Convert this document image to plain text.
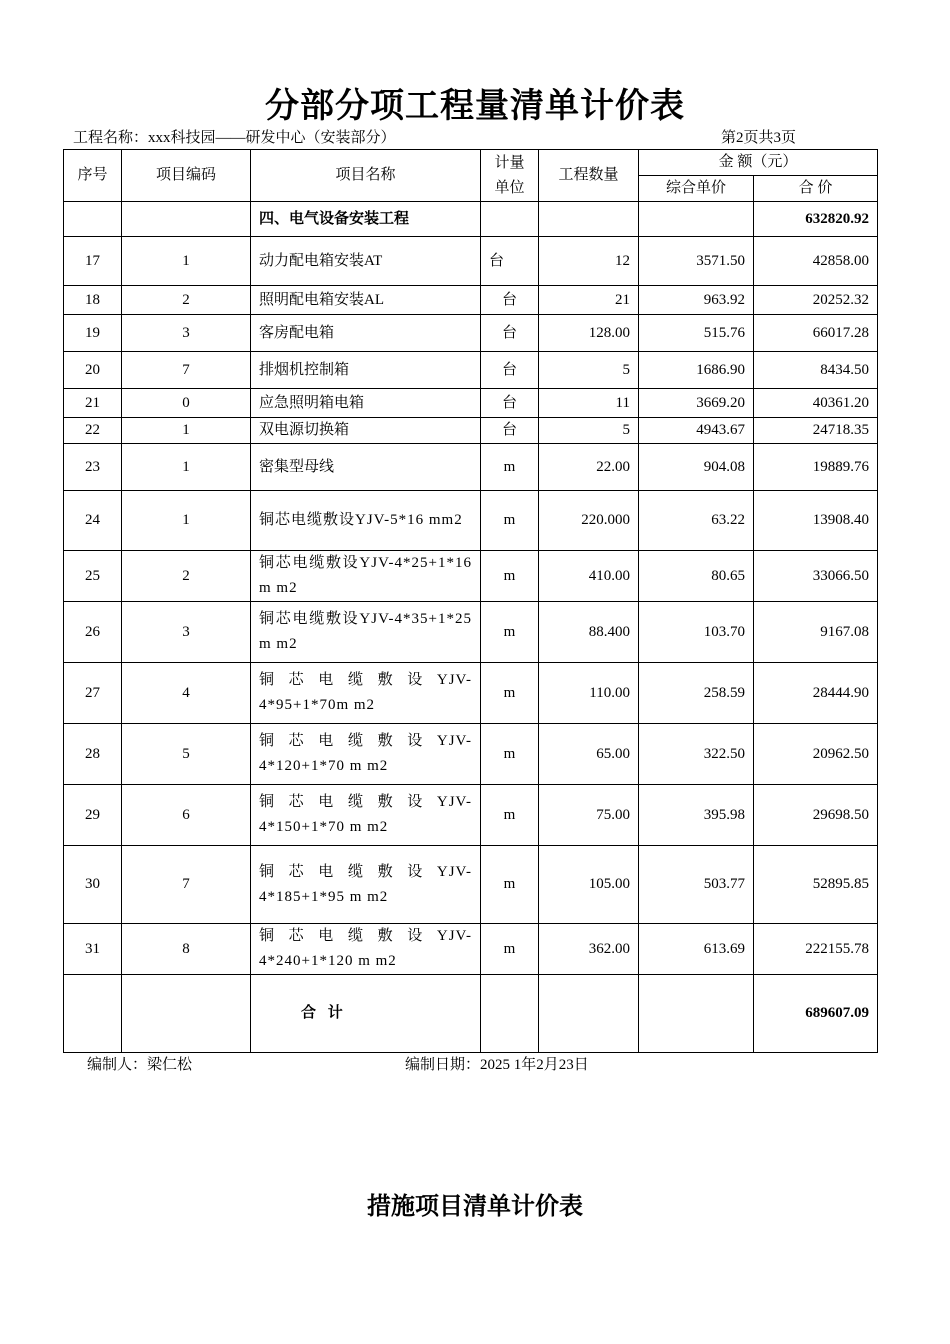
分部分项工程量清单计价表
工程名称：xxx科技园——研发中心（安装部分）	第2页共3页
序号	项目编码	项目名称	计量单位	工程数量	金 额（元）	
					综合单价	合 价
		四、电气设备安装工程				632820.92
17	1	动力配电箱安装AT	台	12	3571.50	42858.00
18	2	照明配电箱安装AL	台	21	963.92	20252.32
19	3	客房配电箱	台	128.00	515.76	66017.28
20	7	排烟机控制箱	台	5	1686.90	8434.50
21	0	应急照明箱电箱	台	11	3669.20	40361.20
22	1	双电源切换箱	台	5	4943.67	24718.35
23	1	密集型母线	m	22.00	904.08	19889.76
24	1	铜芯电缆敷设YJV-5*16 mm2	m	220.000	63.22	13908.40
25	2	铜芯电缆敷设YJV-4*25+1*16 m m2	m	410.00	80.65	33066.50
26	3	铜芯电缆敷设YJV-4*35+1*25 m m2	m	88.400	103.70	9167.08
27	4	铜芯电缆敷设YJV-4*95+1*70m m2	m	110.00	258.59	28444.90
28	5	铜芯电缆敷设YJV-4*120+1*70 m m2	m	65.00	322.50	20962.50
29	6	铜芯电缆敷设YJV-4*150+1*70 m m2	m	75.00	395.98	29698.50
30	7	铜芯电缆敷设YJV-4*185+1*95 m m2	m	105.00	503.77	52895.85
31	8	铜芯电缆敷设YJV-4*240+1*120 m m2	m	362.00	613.69	222155.78
		合 计				689607.09
编制人：梁仁松	编制日期：2025 1年2月23日
措施项目清单计价表
